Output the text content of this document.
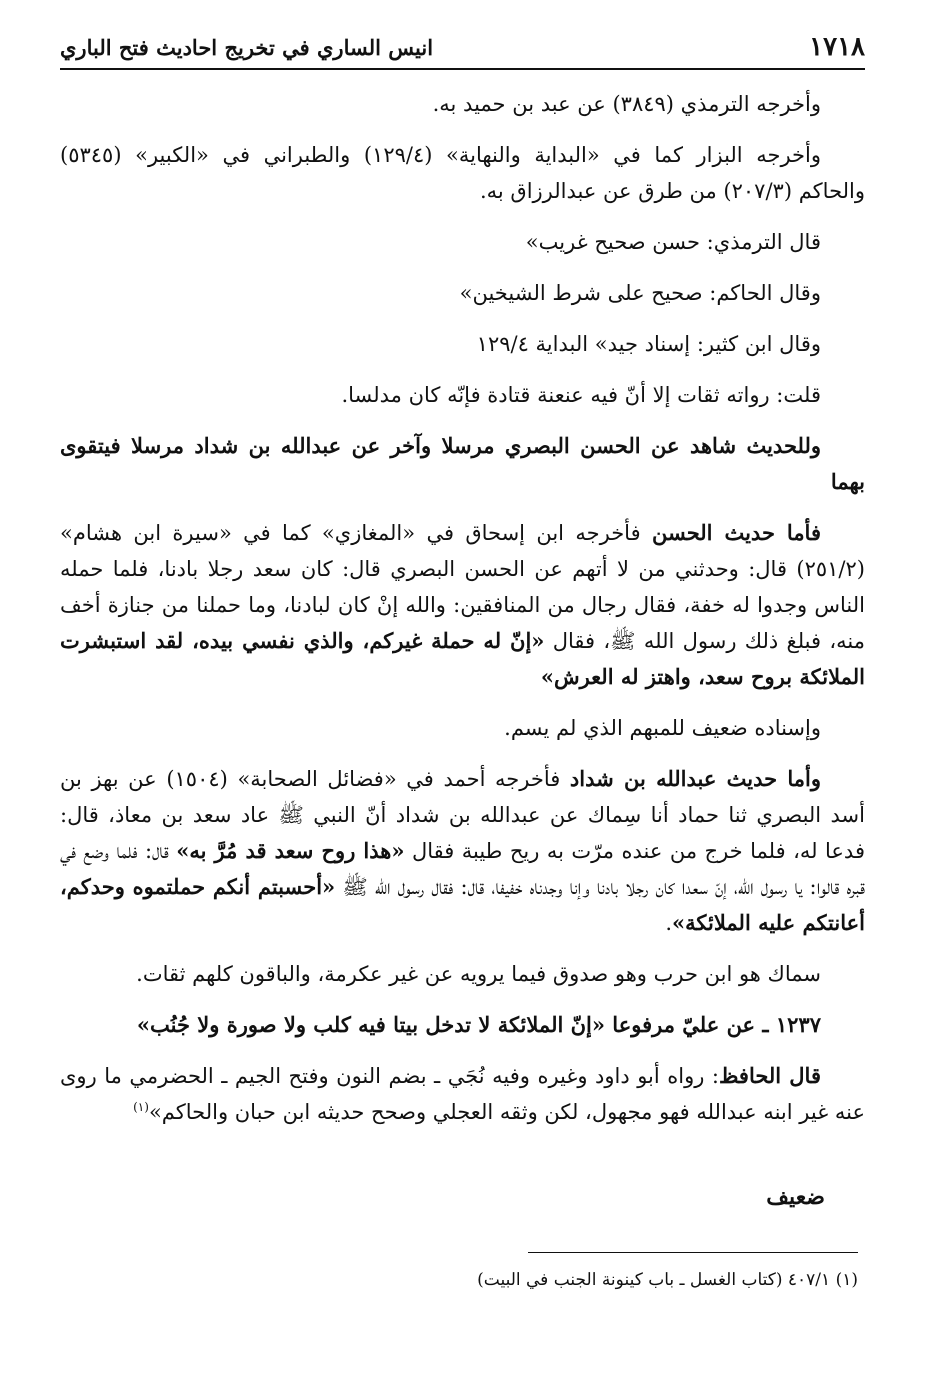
١٧١٨
انيس الساري في تخريج احاديث فتح الباري

وأخرجه الترمذي (٣٨٤٩) عن عبد بن حميد به.

وأخرجه البزار كما في «البداية والنهاية» (١٢٩/٤) والطبراني في «الكبير» (٥٣٤٥) والحاكم (٢٠٧/٣) من طرق عن عبدالرزاق به.

قال الترمذي: حسن صحيح غريب»

وقال الحاكم: صحيح على شرط الشيخين»

وقال ابن كثير: إسناد جيد» البداية ١٢٩/٤

قلت: رواته ثقات إلا أنّ فيه عنعنة قتادة فإنّه كان مدلسا.

وللحديث شاهد عن الحسن البصري مرسلا وآخر عن عبدالله بن شداد مرسلا فيتقوى بهما

فأما حديث الحسن فأخرجه ابن إسحاق في «المغازي» كما في «سيرة ابن هشام» (٢٥١/٢) قال: وحدثني من لا أتهم عن الحسن البصري قال: كان سعد رجلا بادنا، فلما حمله الناس وجدوا له خفة، فقال رجال من المنافقين: والله إنْ كان لبادنا، وما حملنا من جنازة أخف منه، فبلغ ذلك رسول الله ﷺ، فقال «إنّ له حملة غيركم، والذي نفسي بيده، لقد استبشرت الملائكة بروح سعد، واهتز له العرش»

وإسناده ضعيف للمبهم الذي لم يسم.

وأما حديث عبدالله بن شداد فأخرجه أحمد في «فضائل الصحابة» (١٥٠٤) عن بهز بن أسد البصري ثنا حماد أنا سِماك عن عبدالله بن شداد أنّ النبي ﷺ عاد سعد بن معاذ، قال: فدعا له، فلما خرج من عنده مرّت به ريح طيبة فقال «هذا روح سعد قد مُرَّ به» قال: فلما وضع في قبره قالوا: يا رسول الله، إنّ سعدا كان رجلا بادنا وإنا وجدناه خفيفا، قال: فقال رسول الله ﷺ «أحسبتم أنكم حملتموه وحدكم، أعانتكم عليه الملائكة».

سماك هو ابن حرب وهو صدوق فيما يرويه عن غير عكرمة، والباقون كلهم ثقات.

١٢٣٧ ـ عن عليّ مرفوعا «إنّ الملائكة لا تدخل بيتا فيه كلب ولا صورة ولا جُنُب»

قال الحافظ: رواه أبو داود وغيره وفيه نُجَي ـ بضم النون وفتح الجيم ـ الحضرمي ما روى عنه غير ابنه عبدالله فهو مجهول، لكن وثقه العجلي وصحح حديثه ابن حبان والحاكم»$^{(١)}$

ضعيف
(١) ٤٠٧/١ (كتاب الغسل ـ باب كينونة الجنب في البيت)
